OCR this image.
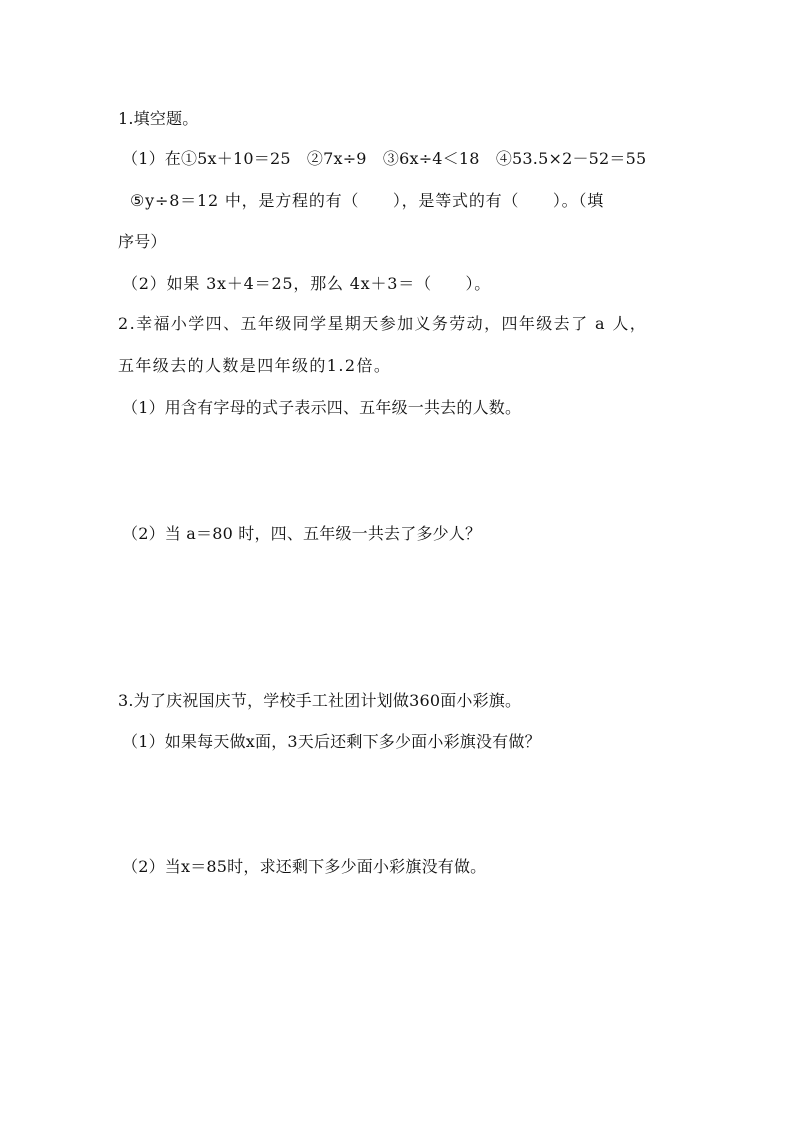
1.填空题。
（1）在①5x＋10＝25　②7x÷9　③6x÷4＜18　④53.5×2－52＝55
⑤y÷8＝12 中，是方程的有（　　），是等式的有（　　）。（填
序号）
（2）如果 3x＋4＝25，那么 4x＋3＝（　　）。
2.幸福小学四、五年级同学星期天参加义务劳动，四年级去了 a 人，
五年级去的人数是四年级的1.2倍。
（1）用含有字母的式子表示四、五年级一共去的人数。
（2）当 a＝80 时，四、五年级一共去了多少人？
3.为了庆祝国庆节，学校手工社团计划做360面小彩旗。
（1）如果每天做x面，3天后还剩下多少面小彩旗没有做？
（2）当x＝85时，求还剩下多少面小彩旗没有做。
